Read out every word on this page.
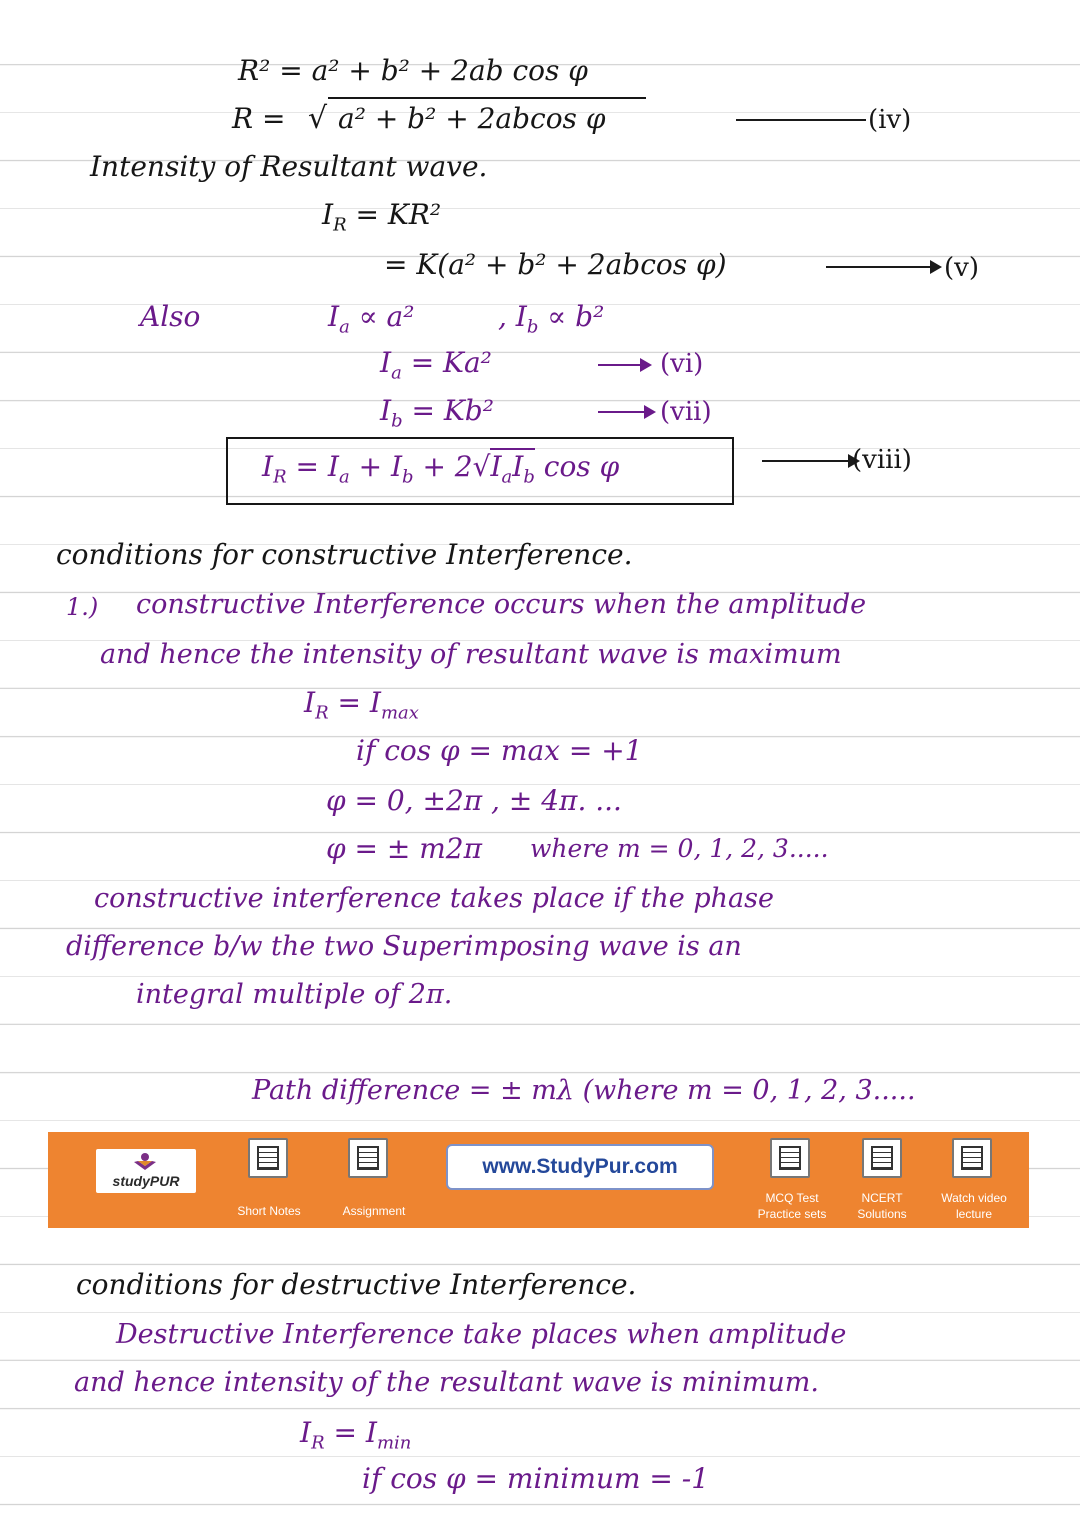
R² = a² + b² + 2ab cos φ
R = √ a² + b² + 2abcos φ	(iv)
Intensity of Resultant wave.
$I_R = KR^2$
= K(a² + b² + 2abcos φ)	(v)
Also	$I_a \propto a^2$	, $I_b \propto b^2$
$I_a = Ka^2$	(vi)
$I_b = Kb^2$	(vii)
$I_R = I_a + I_b + 2√I_aI_b$ cos φ	(viii)
conditions for constructive Interference.
1.) constructive Interference occurs when the amplitude
and hence the intensity of resultant wave is maximum
$I_R = I_{max}$
if cos φ = max = +1
φ = 0, ±2π , ± 4π. ...
φ = ± m2π where m = 0, 1, 2, 3.....
constructive interference takes place if the phase
difference b/w the two Superimposing wave is an
integral multiple of 2π.
Path difference = ± mλ (where m = 0, 1, 2, 3.....
studyPUR
Short Notes	Assignment
www.StudyPur.com
MCQ Test
Practice sets
NCERT
Solutions
Watch video
lecture
conditions for destructive Interference.
Destructive Interference take places when amplitude
and hence intensity of the resultant wave is minimum.
$I_R = I_{min}$
if cos φ = minimum = -1
